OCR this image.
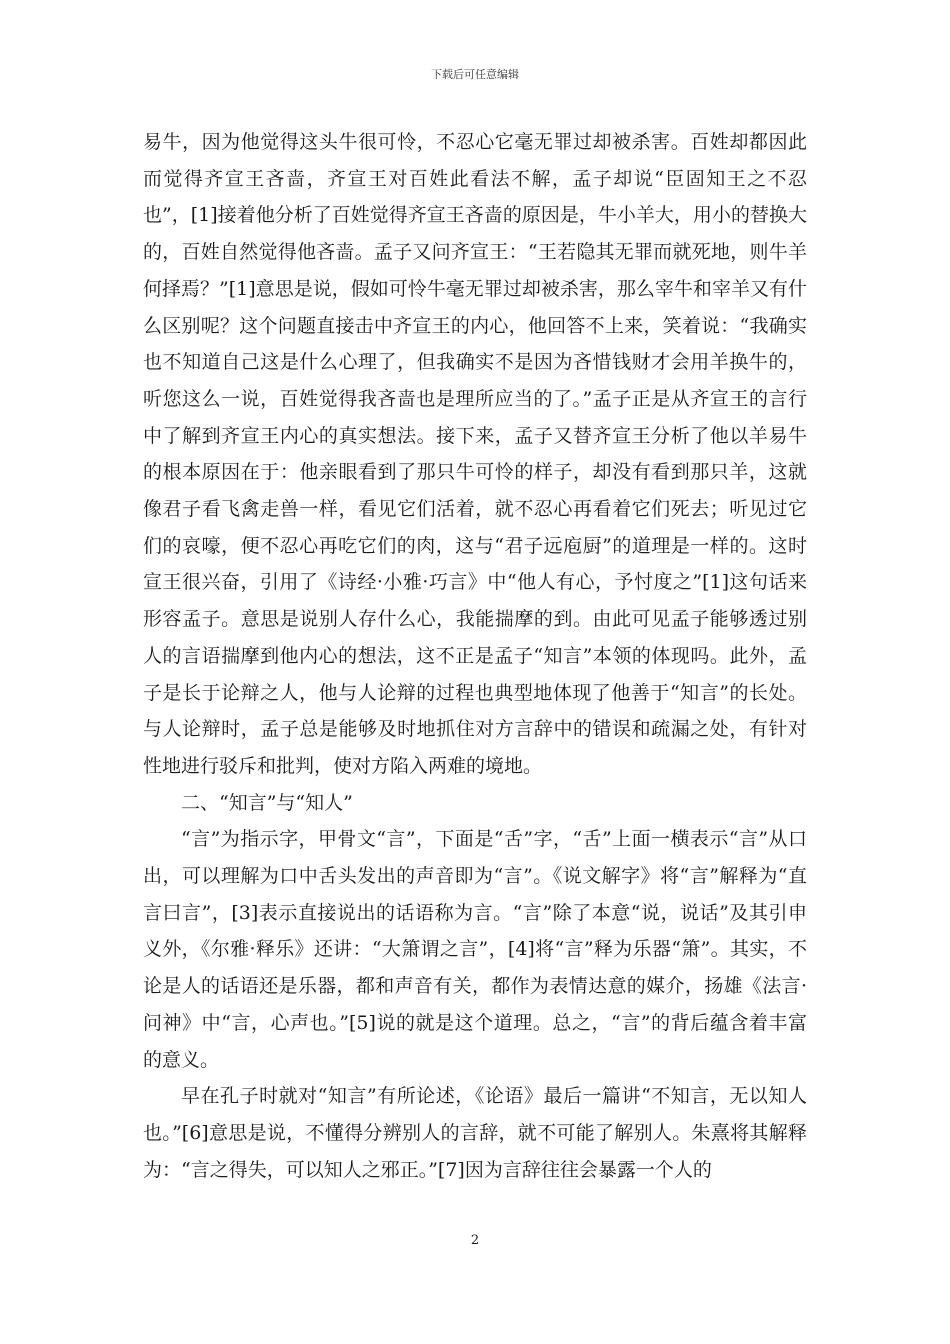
下载后可任意编辑

易牛，因为他觉得这头牛很可怜，不忍心它毫无罪过却被杀害。百姓却都因此而觉得齐宣王吝啬，齐宣王对百姓此看法不解，孟子却说“臣固知王之不忍也”，[1]接着他分析了百姓觉得齐宣王吝啬的原因是，牛小羊大，用小的替换大的，百姓自然觉得他吝啬。孟子又问齐宣王：“王若隐其无罪而就死地，则牛羊何择焉？”[1]意思是说，假如可怜牛毫无罪过却被杀害，那么宰牛和宰羊又有什么区别呢？这个问题直接击中齐宣王的内心，他回答不上来，笑着说：“我确实也不知道自己这是什么心理了，但我确实不是因为吝惜钱财才会用羊换牛的，听您这么一说，百姓觉得我吝啬也是理所应当的了。”孟子正是从齐宣王的言行中了解到齐宣王内心的真实想法。接下来，孟子又替齐宣王分析了他以羊易牛的根本原因在于：他亲眼看到了那只牛可怜的样子，却没有看到那只羊，这就像君子看飞禽走兽一样，看见它们活着，就不忍心再看着它们死去；听见过它们的哀嚎，便不忍心再吃它们的肉，这与“君子远庖厨”的道理是一样的。这时宣王很兴奋，引用了《诗经·小雅·巧言》中“他人有心，予忖度之”[1]这句话来形容孟子。意思是说别人存什么心，我能揣摩的到。由此可见孟子能够透过别人的言语揣摩到他内心的想法，这不正是孟子“知言”本领的体现吗。此外，孟子是长于论辩之人，他与人论辩的过程也典型地体现了他善于“知言”的长处。与人论辩时，孟子总是能够及时地抓住对方言辞中的错误和疏漏之处，有针对性地进行驳斥和批判，使对方陷入两难的境地。

二、“知言”与“知人”

“言”为指示字，甲骨文“言”，下面是“舌”字，“舌”上面一横表示“言”从口出，可以理解为口中舌头发出的声音即为“言”。《说文解字》将“言”解释为“直言曰言”，[3]表示直接说出的话语称为言。“言”除了本意“说，说话”及其引申义外，《尔雅·释乐》还讲：“大箫谓之言”，[4]将“言”释为乐器“箫”。其实，不论是人的话语还是乐器，都和声音有关，都作为表情达意的媒介，扬雄《法言·问神》中“言，心声也。”[5]说的就是这个道理。总之，“言”的背后蕴含着丰富的意义。

早在孔子时就对“知言”有所论述，《论语》最后一篇讲“不知言，无以知人也。”[6]意思是说，不懂得分辨别人的言辞，就不可能了解别人。朱熹将其解释为：“言之得失，可以知人之邪正。”[7]因为言辞往往会暴露一个人的

2
